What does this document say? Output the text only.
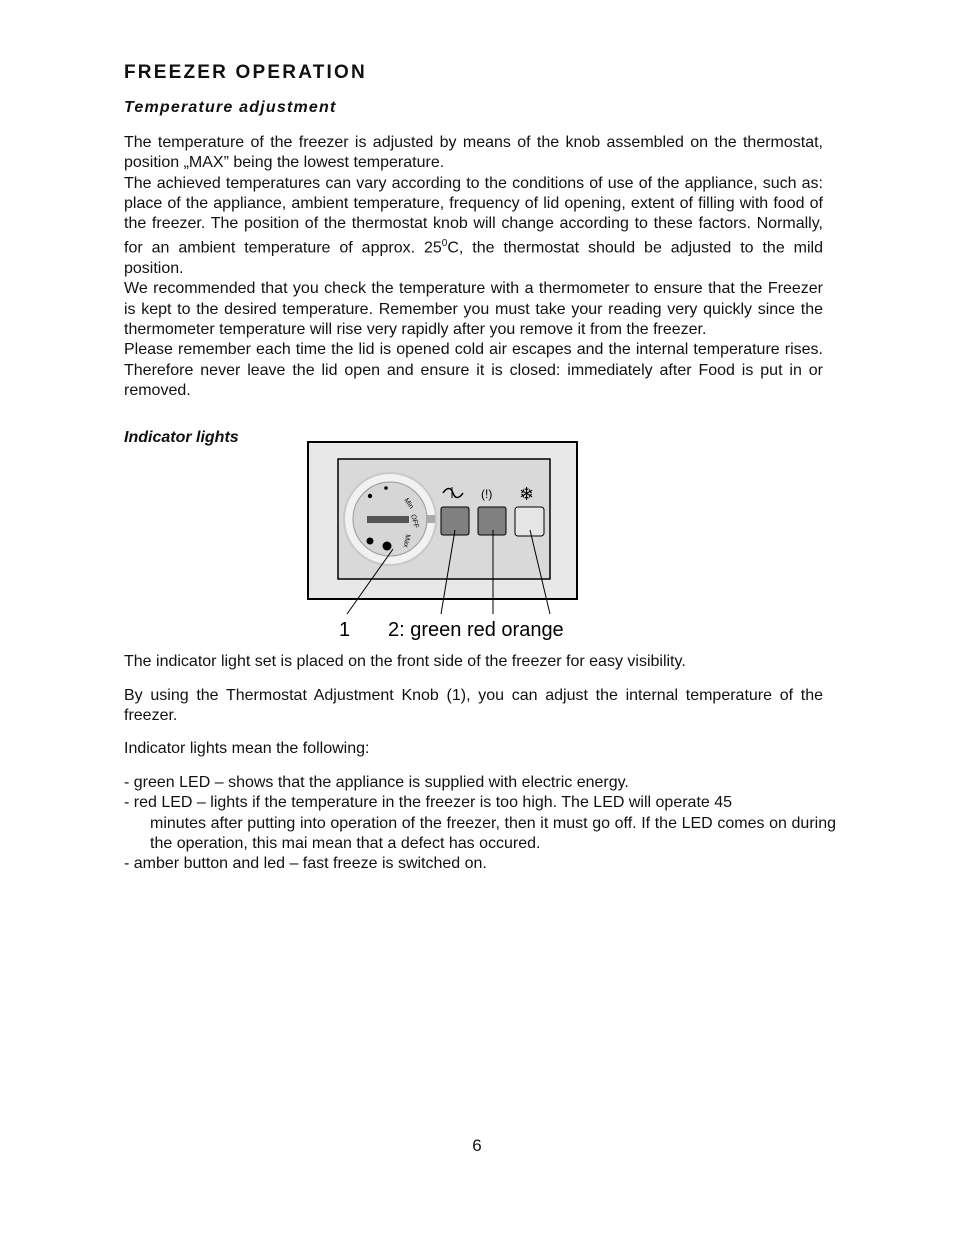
FREEZER OPERATION
Temperature adjustment

The temperature of the freezer is adjusted by means of the knob assembled on the thermostat, position „MAX” being the lowest temperature.

The achieved temperatures can vary according to the conditions of use of the appliance, such as: place of the appliance, ambient temperature, frequency of lid opening, extent of filling with food of the freezer. The position of the thermostat knob will change according to these factors. Normally, for an ambient temperature of approx. $25^0C$, the thermostat should be adjusted to the mild position.

We recommended that you check the temperature with a thermometer to ensure that the Freezer is kept to the desired temperature. Remember you must take your reading very quickly since the thermometer temperature will rise very rapidly after you remove it from the freezer.

Please remember each time the lid is opened cold air escapes and the internal temperature rises. Therefore never leave the lid open and ensure it is closed: immediately after Food is put in or removed.

Indicator lights

Min
OFF
Max
(!) ❄
1 2: green red orange

The indicator light set is placed on the front side of the freezer for easy visibility.

By using the Thermostat Adjustment Knob (1), you can adjust the internal temperature of the freezer.

Indicator lights mean the following:

- green LED – shows that the appliance is supplied with electric energy.

- red LED – lights if the temperature in the freezer is too high. The LED will operate 45
minutes after putting into operation of the freezer, then it must go off. If the LED comes on during the operation, this mai mean that a defect has occured.

- amber button and led – fast freeze is switched on.

6
